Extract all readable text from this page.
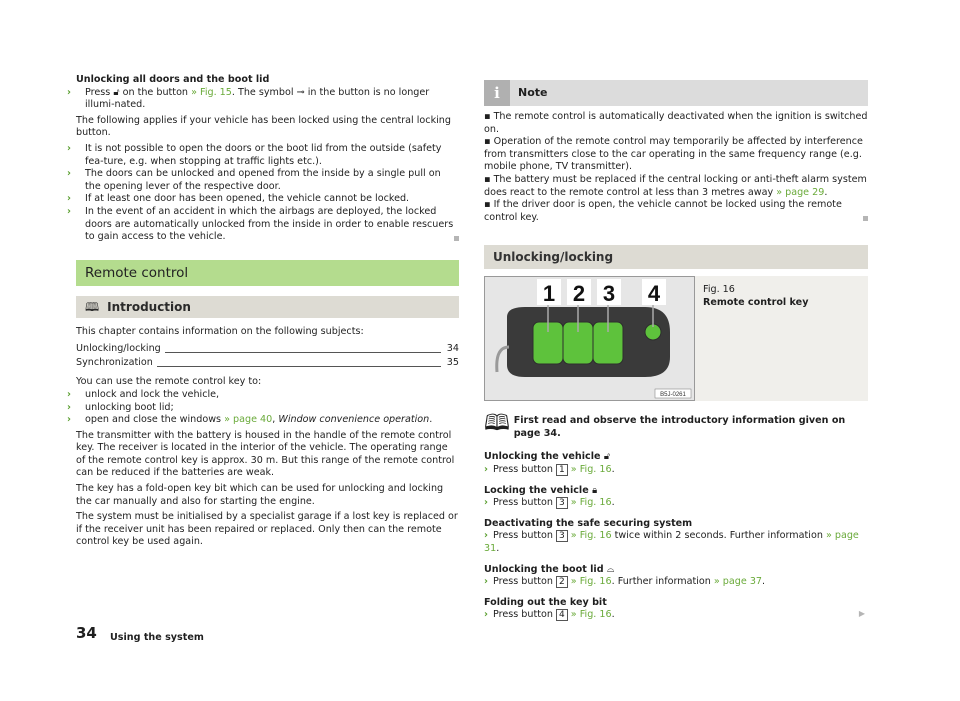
Unlocking all doors and the boot lid
› Press 🔓︎ on the button » Fig. 15. The symbol ⊸ in the button is no longer illumi-nated.
The following applies if your vehicle has been locked using the central locking button.
› It is not possible to open the doors or the boot lid from the outside (safety fea-ture, e.g. when stopping at traffic lights etc.).
› The doors can be unlocked and opened from the inside by a single pull on the opening lever of the respective door.
› If at least one door has been opened, the vehicle cannot be locked.
› In the event of an accident in which the airbags are deployed, the locked doors are automatically unlocked from the inside in order to enable rescuers to gain access to the vehicle.
Remote control
🕮 Introduction
This chapter contains information on the following subjects:
Unlocking/locking	34
Synchronization	35
You can use the remote control key to:
› unlock and lock the vehicle,
› unlocking boot lid;
› open and close the windows » page 40, Window convenience operation.
The transmitter with the battery is housed in the handle of the remote control key. The receiver is located in the interior of the vehicle. The operating range of the remote control key is approx. 30 m. But this range of the remote control can be reduced if the batteries are weak.
The key has a fold-open key bit which can be used for unlocking and locking the car manually and also for starting the engine.
The system must be initialised by a specialist garage if a lost key is replaced or if the receiver unit has been repaired or replaced. Only then can the remote control key be used again.
i	Note
▪ The remote control is automatically deactivated when the ignition is switched on.
▪ Operation of the remote control may temporarily be affected by interference from transmitters close to the car operating in the same frequency range (e.g. mobile phone, TV transmitter).
▪ The battery must be replaced if the central locking or anti-theft alarm system does react to the remote control at less than 3 metres away » page 29.
▪ If the driver door is open, the vehicle cannot be locked using the remote control key.
Unlocking/locking
1 2 3 4
B5J-0261
Fig. 16
Remote control key
🕮 First read and observe the introductory information given on page 34.
Unlocking the vehicle 🔓︎
› Press button 1 » Fig. 16.
Locking the vehicle 🔒︎
› Press button 3 » Fig. 16.
Deactivating the safe securing system
› Press button 3 » Fig. 16 twice within 2 seconds. Further information » page 31.
Unlocking the boot lid ⌓
› Press button 2 » Fig. 16. Further information » page 37.
Folding out the key bit
› Press button 4 » Fig. 16.	▶
34 Using the system
